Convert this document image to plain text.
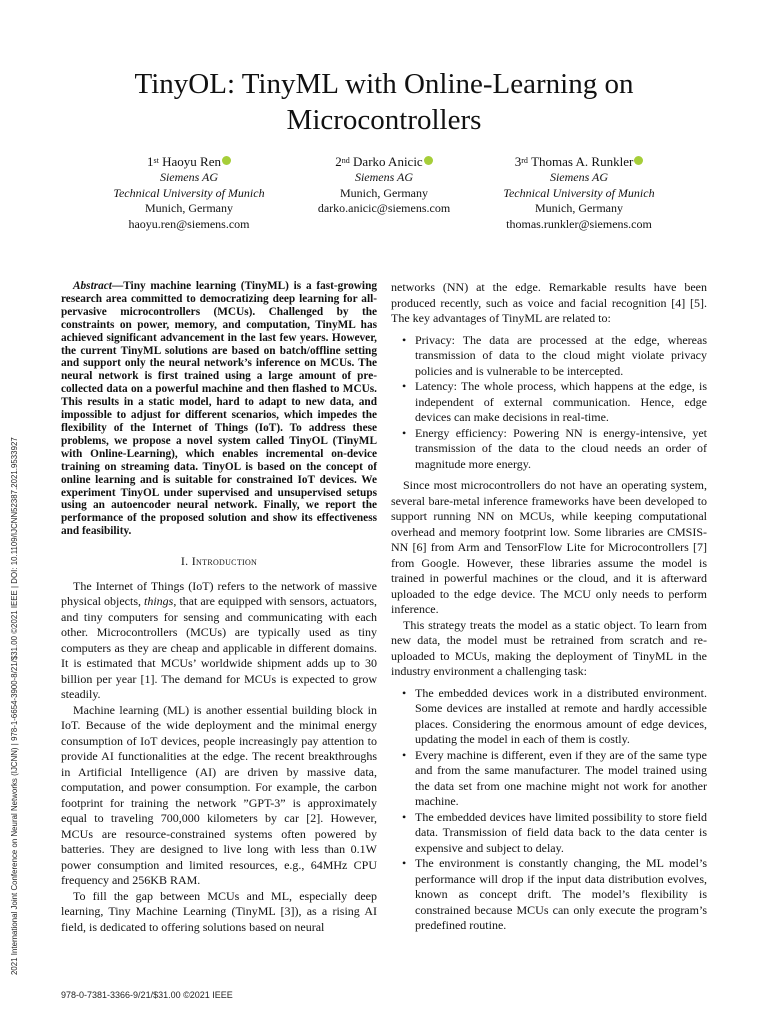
2021 International Joint Conference on Neural Networks (IJCNN) | 978-1-6654-3900-8/21/$31.00 ©2021 IEEE | DOI: 10.1109/IJCNN52387.2021.9533927
TinyOL: TinyML with Online-Learning on
Microcontrollers
1st Haoyu Ren
Siemens AG
Technical University of Munich
Munich, Germany
haoyu.ren@siemens.com
2nd Darko Anicic
Siemens AG
Munich, Germany
darko.anicic@siemens.com
3rd Thomas A. Runkler
Siemens AG
Technical University of Munich
Munich, Germany
thomas.runkler@siemens.com

Abstract—Tiny machine learning (TinyML) is a fast-growing research area committed to democratizing deep learning for all-pervasive microcontrollers (MCUs). Challenged by the constraints on power, memory, and computation, TinyML has achieved significant advancement in the last few years. However, the current TinyML solutions are based on batch/offline setting and support only the neural network’s inference on MCUs. The neural network is first trained using a large amount of pre-collected data on a powerful machine and then flashed to MCUs. This results in a static model, hard to adapt to new data, and impossible to adjust for different scenarios, which impedes the flexibility of the Internet of Things (IoT). To address these problems, we propose a novel system called TinyOL (TinyML with Online-Learning), which enables incremental on-device training on streaming data. TinyOL is based on the concept of online learning and is suitable for constrained IoT devices. We experiment TinyOL under supervised and unsupervised setups using an autoencoder neural network. Finally, we report the performance of the proposed solution and show its effectiveness and feasibility.

I. Introduction

The Internet of Things (IoT) refers to the network of massive physical objects, things, that are equipped with sensors, actuators, and tiny computers for sensing and communicating with each other. Microcontrollers (MCUs) are typically used as tiny computers as they are cheap and applicable in different domains. It is estimated that MCUs’ worldwide shipment adds up to 30 billion per year [1]. The demand for MCUs is expected to grow steadily.

Machine learning (ML) is another essential building block in IoT. Because of the wide deployment and the minimal energy consumption of IoT devices, people increasingly pay attention to provide AI functionalities at the edge. The recent breakthroughs in Artificial Intelligence (AI) are driven by massive data, computation, and power consumption. For example, the carbon footprint for training the network ”GPT-3” is approximately equal to traveling 700,000 kilometers by car [2]. However, MCUs are resource-constrained systems often powered by batteries. They are designed to live long with less than 0.1W power consumption and limited resources, e.g., 64MHz CPU frequency and 256KB RAM.

To fill the gap between MCUs and ML, especially deep learning, Tiny Machine Learning (TinyML [3]), as a rising AI field, is dedicated to offering solutions based on neural

networks (NN) at the edge. Remarkable results have been produced recently, such as voice and facial recognition [4] [5]. The key advantages of TinyML are related to:

• Privacy: The data are processed at the edge, whereas transmission of data to the cloud might violate privacy policies and is vulnerable to be intercepted.
• Latency: The whole process, which happens at the edge, is independent of external communication. Hence, edge devices can make decisions in real-time.
• Energy efficiency: Powering NN is energy-intensive, yet transmission of the data to the cloud needs an order of magnitude more energy.

Since most microcontrollers do not have an operating system, several bare-metal inference frameworks have been developed to support running NN on MCUs, while keeping computational overhead and memory footprint low. Some libraries are CMSIS-NN [6] from Arm and TensorFlow Lite for Microcontrollers [7] from Google. However, these libraries assume the model is trained in powerful machines or the cloud, and it is afterward uploaded to the edge device. The MCU only needs to perform inference.

This strategy treats the model as a static object. To learn from new data, the model must be retrained from scratch and re-uploaded to MCUs, making the deployment of TinyML in the industry environment a challenging task:

• The embedded devices work in a distributed environment. Some devices are installed at remote and hardly accessible places. Considering the enormous amount of edge devices, updating the model in each of them is costly.
• Every machine is different, even if they are of the same type and from the same manufacturer. The model trained using the data set from one machine might not work for another machine.
• The embedded devices have limited possibility to store field data. Transmission of field data back to the data center is expensive and subject to delay.
• The environment is constantly changing, the ML model’s performance will drop if the input data distribution evolves, known as concept drift. The model’s flexibility is constrained because MCUs can only execute the program’s predefined routine.
978-0-7381-3366-9/21/$31.00 ©2021 IEEE
